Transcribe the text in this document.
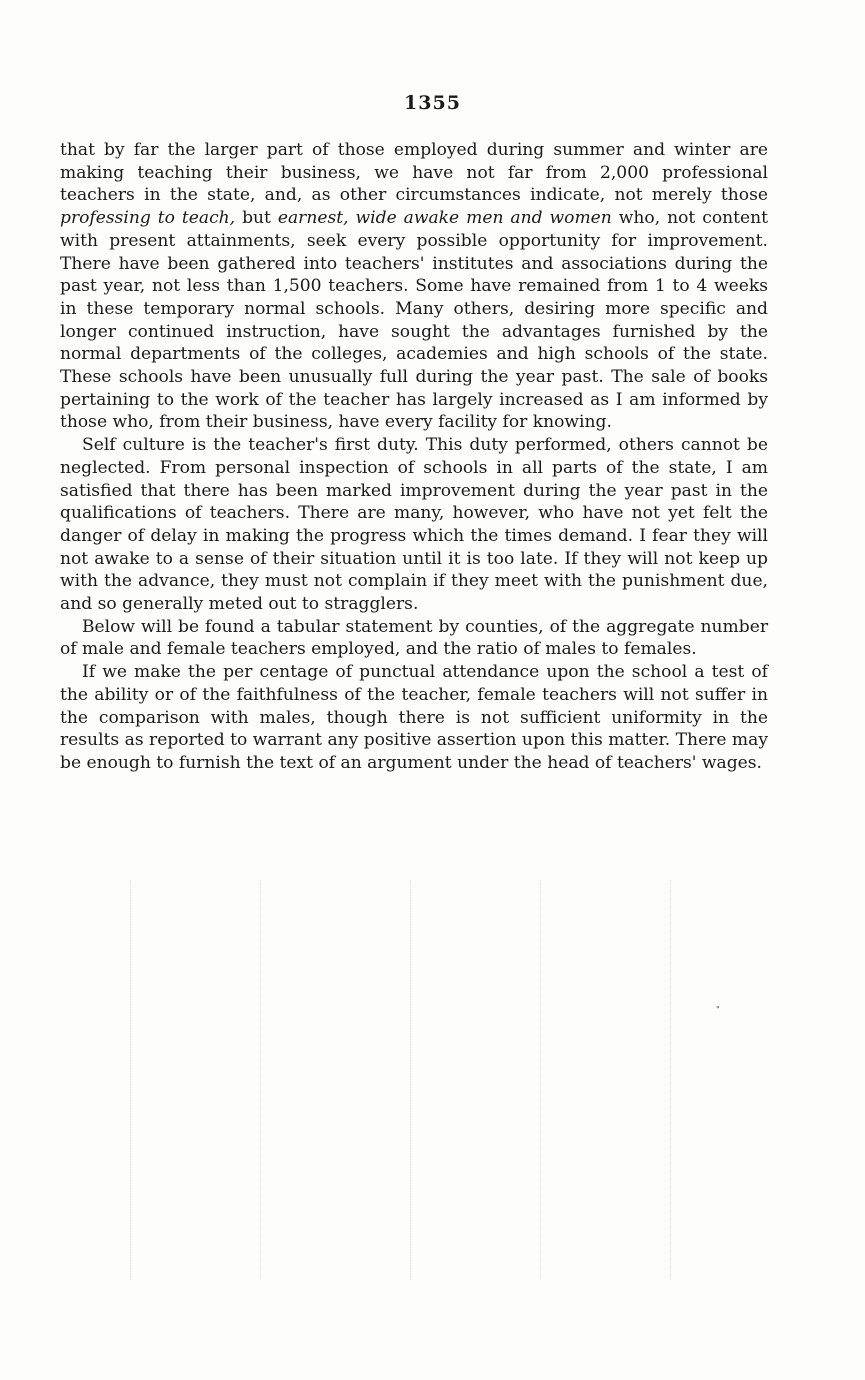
1355

that by far the larger part of those employed during summer and winter are making teaching their business, we have not far from 2,000 professional teachers in the state, and, as other circumstances indicate, not merely those professing to teach, but earnest, wide awake men and women who, not content with present attainments, seek every possible opportunity for improvement. There have been gathered into teachers' institutes and associations during the past year, not less than 1,500 teachers. Some have remained from 1 to 4 weeks in these temporary normal schools. Many others, desiring more specific and longer continued instruction, have sought the advantages furnished by the normal departments of the colleges, academies and high schools of the state. These schools have been unusually full during the year past. The sale of books pertaining to the work of the teacher has largely increased as I am informed by those who, from their business, have every facility for knowing.

Self culture is the teacher's first duty. This duty performed, others cannot be neglected. From personal inspection of schools in all parts of the state, I am satisfied that there has been marked improvement during the year past in the qualifications of teachers. There are many, however, who have not yet felt the danger of delay in making the progress which the times demand. I fear they will not awake to a sense of their situation until it is too late. If they will not keep up with the advance, they must not complain if they meet with the punishment due, and so generally meted out to stragglers.

Below will be found a tabular statement by counties, of the aggregate number of male and female teachers employed, and the ratio of males to females.

If we make the per centage of punctual attendance upon the school a test of the ability or of the faithfulness of the teacher, female teachers will not suffer in the comparison with males, though there is not sufficient uniformity in the results as reported to warrant any positive assertion upon this matter. There may be enough to furnish the text of an argument under the head of teachers' wages.

"
